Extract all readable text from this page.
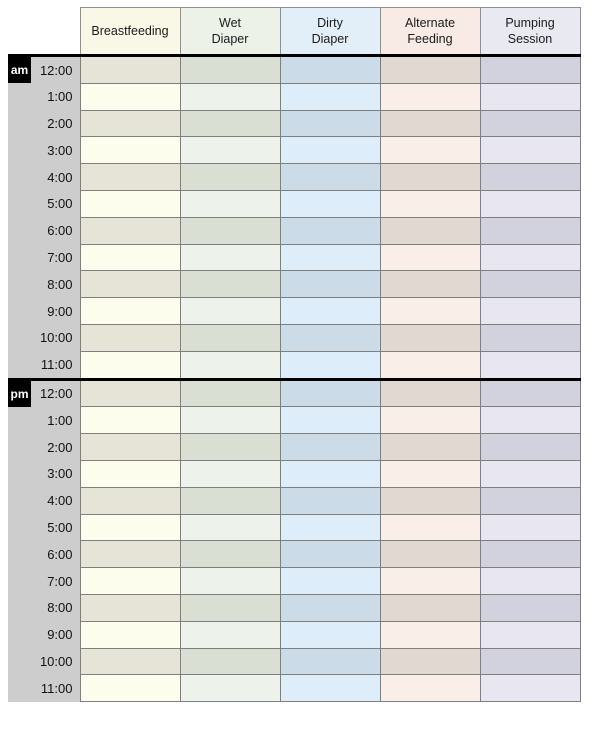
Breastfeeding

Wet
Diaper

Dirty
Diaper

Alternate
Feeding

Pumping
Session

am 12:00					
1:00					
2:00					
3:00					
4:00					
5:00					
6:00					
7:00					
8:00					
9:00					
10:00					
11:00					

pm 12:00					
1:00					
2:00					
3:00					
4:00					
5:00					
6:00					
7:00					
8:00					
9:00					
10:00					
11:00					
